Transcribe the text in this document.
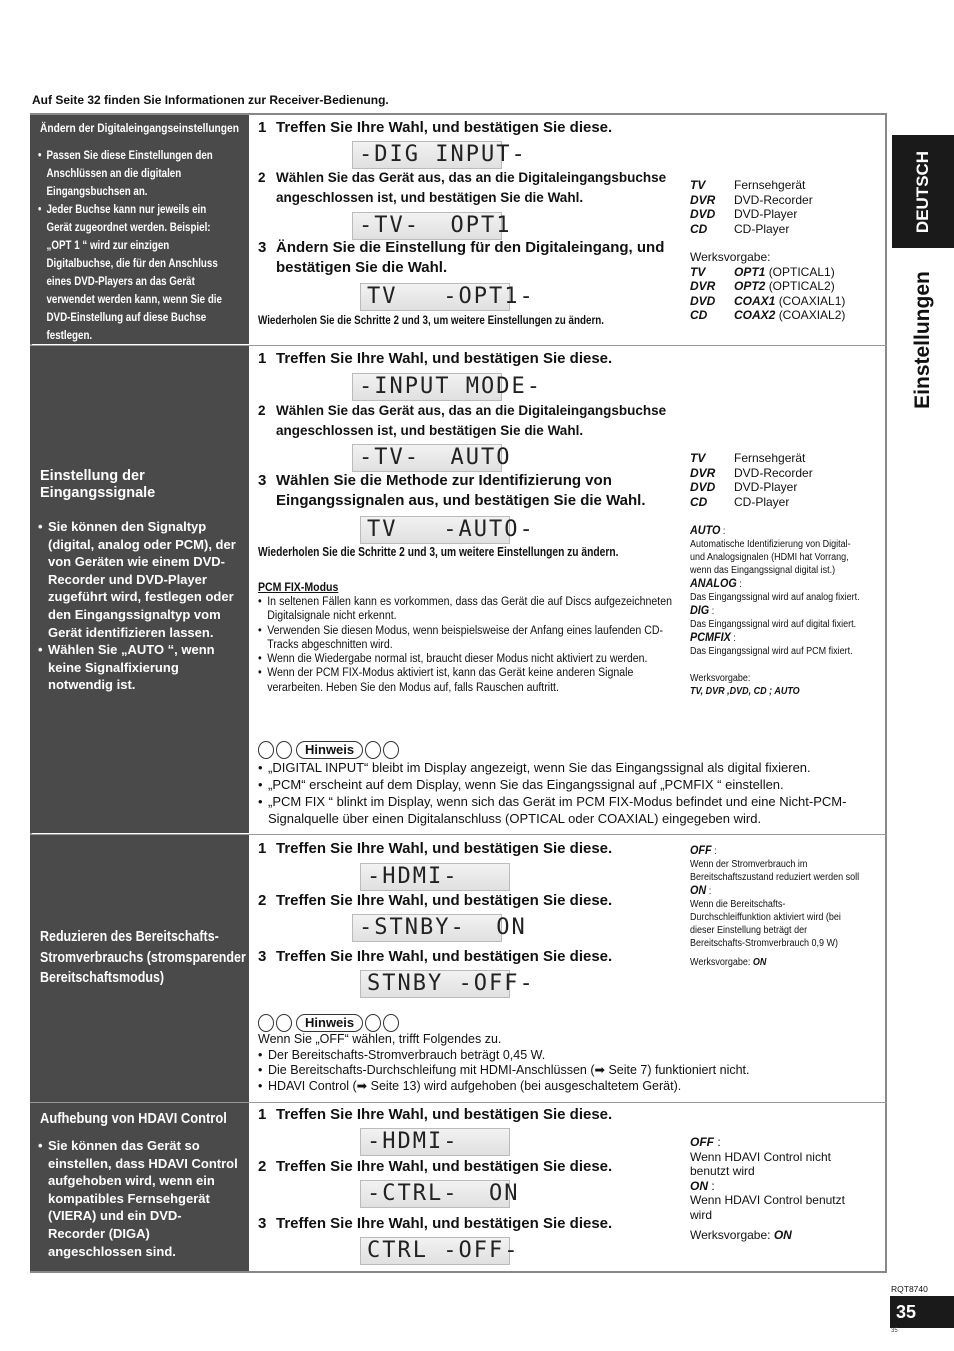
Auf Seite 32 finden Sie Informationen zur Receiver-Bedienung.
Ändern der Digitaleingangseinstellungen
• Passen Sie diese Einstellungen den Anschlüssen an die digitalen Eingangsbuchsen an.
• Jeder Buchse kann nur jeweils ein Gerät zugeordnet werden. Beispiel: „OPT 1 “ wird zur einzigen Digitalbuchse, die für den Anschluss eines DVD-Players an das Gerät verwendet werden kann, wenn Sie die DVD-Einstellung auf diese Buchse festlegen.
1 Treffen Sie Ihre Wahl, und bestätigen Sie diese.
-DIG INPUT-
2 Wählen Sie das Gerät aus, das an die Digitaleingangsbuchse angeschlossen ist, und bestätigen Sie die Wahl.
-TV-  OPT1
3 Ändern Sie die Einstellung für den Digitaleingang, und bestätigen Sie die Wahl.
TV   -OPT1-
Wiederholen Sie die Schritte 2 und 3, um weitere Einstellungen zu ändern.
TV Fernsehgerät
DVR DVD-Recorder
DVD DVD-Player
CD CD-Player
Werksvorgabe:
TV OPT1 (OPTICAL1)
DVR OPT2 (OPTICAL2)
DVD COAX1 (COAXIAL1)
CD COAX2 (COAXIAL2)
Einstellung der Eingangssignale
• Sie können den Signaltyp (digital, analog oder PCM), der von Geräten wie einem DVD-Recorder und DVD-Player zugeführt wird, festlegen oder den Eingangssignaltyp vom Gerät identifizieren lassen.
• Wählen Sie „AUTO “, wenn keine Signalfixierung notwendig ist.
1 Treffen Sie Ihre Wahl, und bestätigen Sie diese.
-INPUT MODE-
2 Wählen Sie das Gerät aus, das an die Digitaleingangsbuchse angeschlossen ist, und bestätigen Sie die Wahl.
-TV-  AUTO
3 Wählen Sie die Methode zur Identifizierung von Eingangssignalen aus, und bestätigen Sie die Wahl.
TV   -AUTO-
Wiederholen Sie die Schritte 2 und 3, um weitere Einstellungen zu ändern.
PCM FIX-Modus
• In seltenen Fällen kann es vorkommen, dass das Gerät die auf Discs aufgezeichneten Digitalsignale nicht erkennt.
• Verwenden Sie diesen Modus, wenn beispielsweise der Anfang eines laufenden CD-Tracks abgeschnitten wird.
• Wenn die Wiedergabe normal ist, braucht dieser Modus nicht aktiviert zu werden.
• Wenn der PCM FIX-Modus aktiviert ist, kann das Gerät keine anderen Signale verarbeiten. Heben Sie den Modus auf, falls Rauschen auftritt.
TV Fernsehgerät
DVR DVD-Recorder
DVD DVD-Player
CD CD-Player
AUTO :
Automatische Identifizierung von Digital- und Analogsignalen (HDMI hat Vorrang, wenn das Eingangssignal digital ist.)
ANALOG :
Das Eingangssignal wird auf analog fixiert.
DIG :
Das Eingangssignal wird auf digital fixiert.
PCMFIX :
Das Eingangssignal wird auf PCM fixiert.
Werksvorgabe:
TV, DVR ,DVD, CD ; AUTO
Hinweis
• „DIGITAL INPUT“ bleibt im Display angezeigt, wenn Sie das Eingangssignal als digital fixieren.
• „PCM“ erscheint auf dem Display, wenn Sie das Eingangssignal auf „PCMFIX “ einstellen.
• „PCM FIX “ blinkt im Display, wenn sich das Gerät im PCM FIX-Modus befindet und eine Nicht-PCM-Signalquelle über einen Digitalanschluss (OPTICAL oder COAXIAL) eingegeben wird.
Reduzieren des Bereitschafts-Stromverbrauchs (stromsparender Bereitschaftsmodus)
1 Treffen Sie Ihre Wahl, und bestätigen Sie diese.
-HDMI-
2 Treffen Sie Ihre Wahl, und bestätigen Sie diese.
-STNBY-  ON
3 Treffen Sie Ihre Wahl, und bestätigen Sie diese.
STNBY -OFF-
OFF :
Wenn der Stromverbrauch im Bereitschaftszustand reduziert werden soll
ON :
Wenn die Bereitschafts-Durchschleiffunktion aktiviert wird (bei dieser Einstellung beträgt der Bereitschafts-Stromverbrauch 0,9 W)
Werksvorgabe: ON
Hinweis
Wenn Sie „OFF“ wählen, trifft Folgendes zu.
• Der Bereitschafts-Stromverbrauch beträgt 0,45 W.
• Die Bereitschafts-Durchschleifung mit HDMI-Anschlüssen (➡ Seite 7) funktioniert nicht.
• HDAVI Control (➡ Seite 13) wird aufgehoben (bei ausgeschaltetem Gerät).
Aufhebung von HDAVI Control
• Sie können das Gerät so einstellen, dass HDAVI Control aufgehoben wird, wenn ein kompatibles Fernsehgerät (VIERA) und ein DVD-Recorder (DIGA) angeschlossen sind.
1 Treffen Sie Ihre Wahl, und bestätigen Sie diese.
-HDMI-
2 Treffen Sie Ihre Wahl, und bestätigen Sie diese.
-CTRL-  ON
3 Treffen Sie Ihre Wahl, und bestätigen Sie diese.
CTRL -OFF-
OFF :
Wenn HDAVI Control nicht benutzt wird
ON :
Wenn HDAVI Control benutzt wird
Werksvorgabe: ON
DEUTSCH
Einstellungen
RQT8740
35
35
